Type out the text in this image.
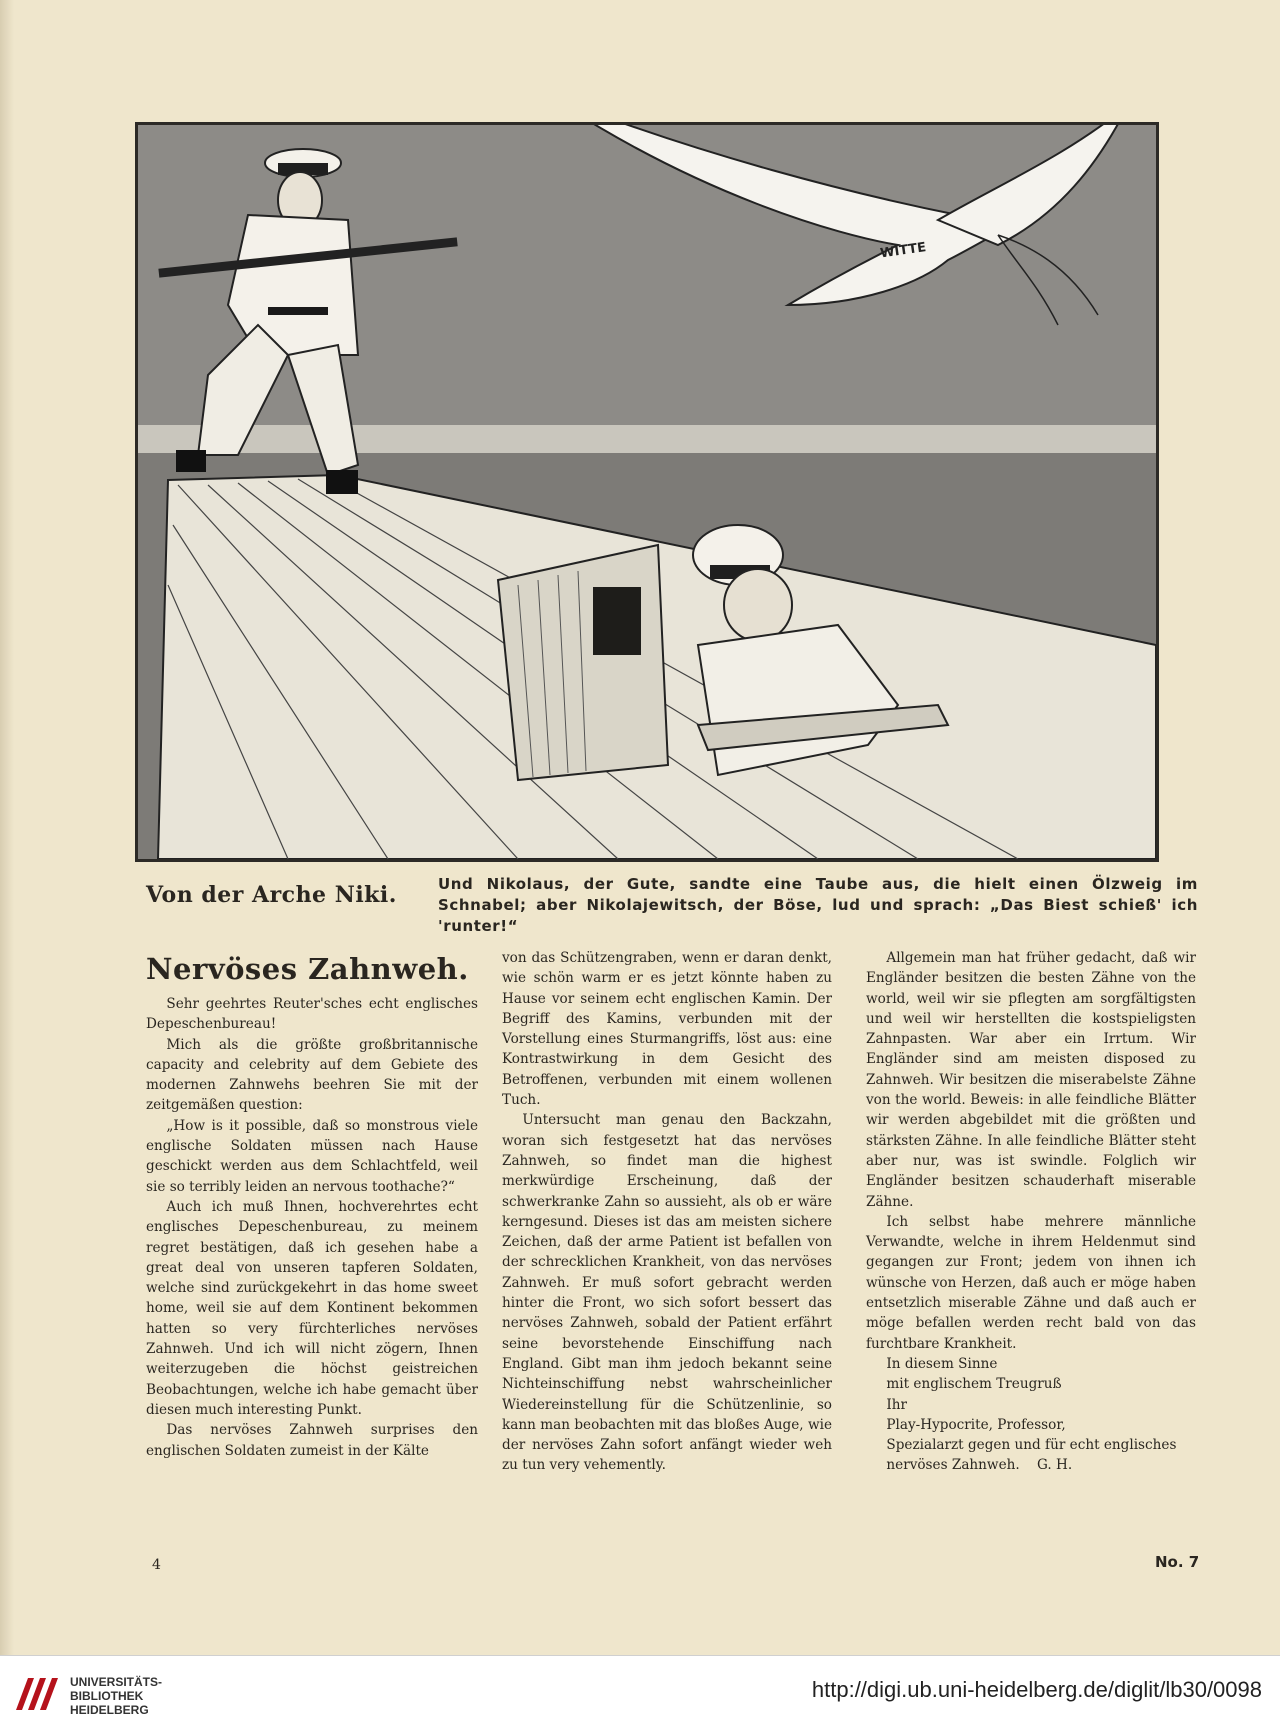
WITTE
Von der Arche Niki.	Und Nikolaus, der Gute, sandte eine Taube aus, die hielt einen Ölzweig im Schnabel; aber Nikolajewitsch, der Böse, lud und sprach: „Das Biest schieß' ich 'runter!“
Nervöses Zahnweh.

Sehr geehrtes Reuter'sches echt englisches Depeschenbureau!

Mich als die größte großbritannische capacity and celebrity auf dem Gebiete des modernen Zahnwehs beehren Sie mit der zeitgemäßen question:

„How is it possible, daß so monstrous viele englische Soldaten müssen nach Hause geschickt werden aus dem Schlachtfeld, weil sie so terribly leiden an nervous toothache?“

Auch ich muß Ihnen, hochverehrtes echt englisches Depeschenbureau, zu meinem regret bestätigen, daß ich gesehen habe a great deal von unseren tapferen Soldaten, welche sind zurückgekehrt in das home sweet home, weil sie auf dem Kontinent bekommen hatten so very fürchterliches nervöses Zahnweh. Und ich will nicht zögern, Ihnen weiterzugeben die höchst geistreichen Beobachtungen, welche ich habe gemacht über diesen much interesting Punkt.

Das nervöses Zahnweh surprises den englischen Soldaten zumeist in der Kälte

von das Schützengraben, wenn er daran denkt, wie schön warm er es jetzt könnte haben zu Hause vor seinem echt englischen Kamin. Der Begriff des Kamins, verbunden mit der Vorstellung eines Sturmangriffs, löst aus: eine Kontrastwirkung in dem Gesicht des Betroffenen, verbunden mit einem wollenen Tuch.

Untersucht man genau den Backzahn, woran sich festgesetzt hat das nervöses Zahnweh, so findet man die highest merkwürdige Erscheinung, daß der schwerkranke Zahn so aussieht, als ob er wäre kerngesund. Dieses ist das am meisten sichere Zeichen, daß der arme Patient ist befallen von der schrecklichen Krankheit, von das nervöses Zahnweh. Er muß sofort gebracht werden hinter die Front, wo sich sofort bessert das nervöses Zahnweh, sobald der Patient erfährt seine bevorstehende Einschiffung nach England. Gibt man ihm jedoch bekannt seine Nichteinschiffung nebst wahrscheinlicher Wiedereinstellung für die Schützenlinie, so kann man beobachten mit das bloßes Auge, wie der nervöses Zahn sofort anfängt wieder weh zu tun very vehemently.

Allgemein man hat früher gedacht, daß wir Engländer besitzen die besten Zähne von the world, weil wir sie pflegten am sorgfältigsten und weil wir herstellten die kostspieligsten Zahnpasten. War aber ein Irrtum. Wir Engländer sind am meisten disposed zu Zahnweh. Wir besitzen die miserabelste Zähne von the world. Beweis: in alle feindliche Blätter wir werden abgebildet mit die größten und stärksten Zähne. In alle feindliche Blätter steht aber nur, was ist swindle. Folglich wir Engländer besitzen schauderhaft miserable Zähne.

Ich selbst habe mehrere männliche Verwandte, welche in ihrem Heldenmut sind gegangen zur Front; jedem von ihnen ich wünsche von Herzen, daß auch er möge haben entsetzlich miserable Zähne und daß auch er möge befallen werden recht bald von das furchtbare Krankheit.

In diesem Sinne

mit englischem Treugruß

Ihr

Play-Hypocrite, Professor,

Spezialarzt gegen und für echt englisches

nervöses Zahnweh. G. H.

4	No. 7
UNIVERSITÄTS-
BIBLIOTHEK
HEIDELBERG
http://digi.ub.uni-heidelberg.de/diglit/lb30/0098
